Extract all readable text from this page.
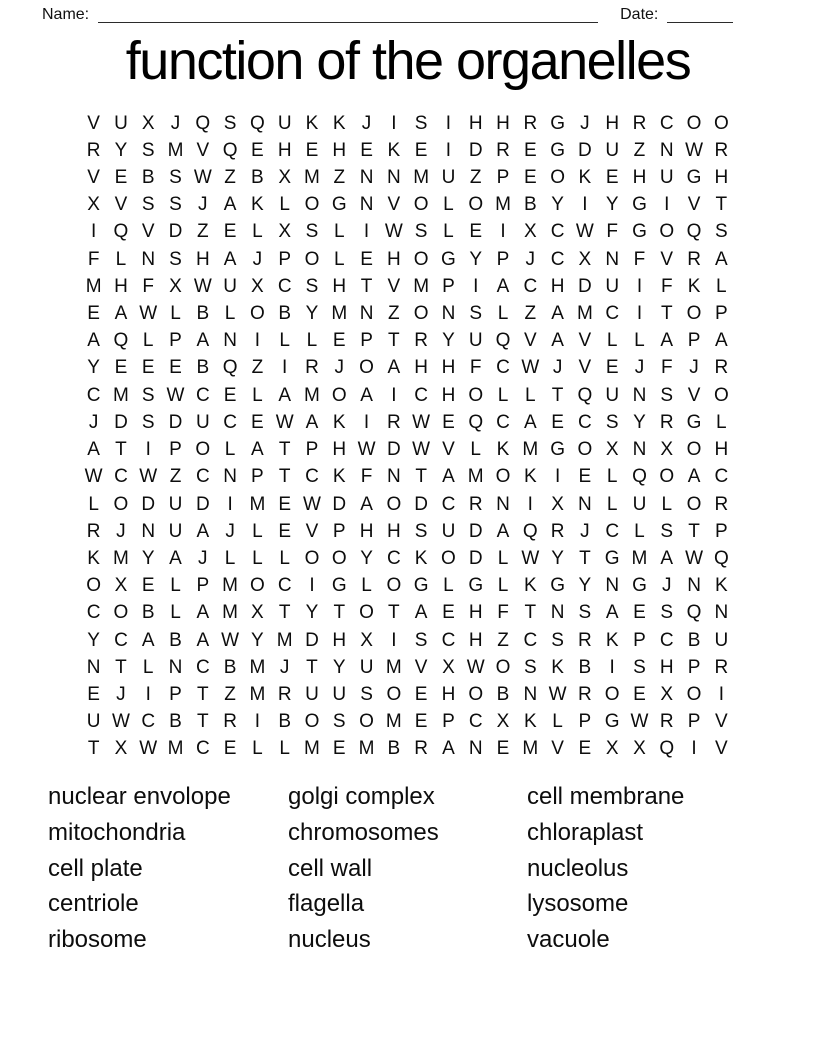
Name:	Date:
function of the organelles
V U X J Q S Q U K K J	I S I H H R G J H R C O O
R Y S M V Q E H E H E K E I D R E G D U Z N W R
V E B S W Z B X M Z N N M U Z P E O K E H U G H
X V S S J A K L O G N V O L O M B Y I Y G I V T
I Q V D Z E L X S L	I W S L E I X C W F G O Q S
F L N S H A J P O L E H O G Y P J C X N F V R A
M H F X W U X C S H T V M P I A C H D U I F K L
E A W L B L O B Y M N Z O N S L Z A M C I T O P
A Q L P A N I	L L E P T R Y U Q V A V L L A P A
Y E E E B Q Z I R J O A H H F C W J V E J F J R
C M S W C E L A M O A I C H O L L T Q U N S V O
J D S D U C E W A K I R W E Q C A E C S Y R G L
A T I P O L A T P H W D W V L K M G O X N X O H
W C W Z C N P T C K F N T A M O K I E L Q O A C
L O D U D I M E W D A O D C R N I X N L U L O R
R J N U A J L E V P H H S U D A Q R J C L S T P
K M Y A J L L L O O Y C K O D L W Y T G M A W Q
O X E L P M O C I G L O G L G L K G Y N G J N K
C O B L A M X T Y T O T A E H F T N S A E S Q N
Y C A B A W Y M D H X I S C H Z C S R K P C B U
N T L N C B M J T Y U M V X W O S K B I S H P R
E J	I P T Z M R U U S O E H O B N W R O E X O I
U W C B T R I B O S O M E P C X K L P G W R P V
T X W M C E L L M E M B R A N E M V E X X Q I V
nuclear envolope
mitochondria
cell plate
centriole
ribosome
golgi complex
chromosomes
cell wall
flagella
nucleus
cell membrane
chloraplast
nucleolus
lysosome
vacuole
